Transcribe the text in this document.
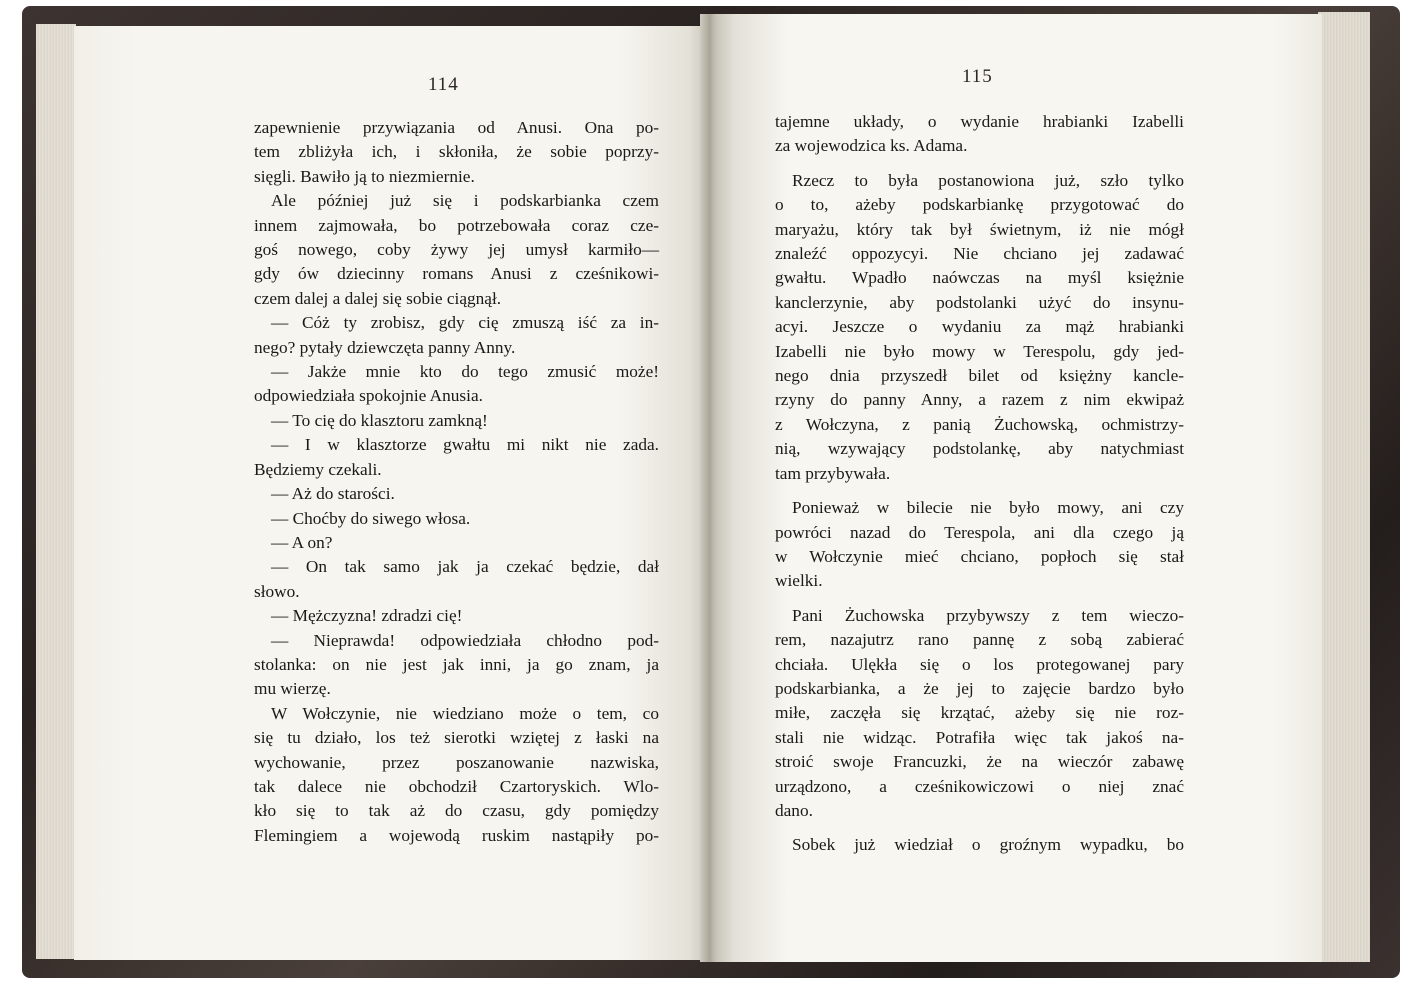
114
zapewnienie przywiązania od Anusi. Ona po-
tem zbliżyła ich, i skłoniła, że sobie poprzy-
sięgli. Bawiło ją to niezmiernie.
Ale później już się i podskarbianka czem
innem zajmowała, bo potrzebowała coraz cze-
goś nowego, coby żywy jej umysł karmiło—
gdy ów dziecinny romans Anusi z cześnikowi-
czem dalej a dalej się sobie ciągnął.
— Cóż ty zrobisz, gdy cię zmuszą iść za in-
nego? pytały dziewczęta panny Anny.
— Jakże mnie kto do tego zmusić może!
odpowiedziała spokojnie Anusia.
— To cię do klasztoru zamkną!
— I w klasztorze gwałtu mi nikt nie zada.
Będziemy czekali.
— Aż do starości.
— Choćby do siwego włosa.
— A on?
— On tak samo jak ja czekać będzie, dał
słowo.
— Mężczyzna! zdradzi cię!
— Nieprawda! odpowiedziała chłodno pod-
stolanka: on nie jest jak inni, ja go znam, ja
mu wierzę.
W Wołczynie, nie wiedziano może o tem, co
się tu działo, los też sierotki wziętej z łaski na
wychowanie, przez poszanowanie nazwiska,
tak dalece nie obchodził Czartoryskich. Wlo-
kło się to tak aż do czasu, gdy pomiędzy
Flemingiem a wojewodą ruskim nastąpiły po-
115
tajemne układy, o wydanie hrabianki Izabelli
za wojewodzica ks. Adama.
Rzecz to była postanowiona już, szło tylko
o to, ażeby podskarbiankę przygotować do
maryażu, który tak był świetnym, iż nie mógł
znaleźć oppozycyi. Nie chciano jej zadawać
gwałtu. Wpadło naówczas na myśl księżnie
kanclerzynie, aby podstolanki użyć do insynu-
acyi. Jeszcze o wydaniu za mąż hrabianki
Izabelli nie było mowy w Terespolu, gdy jed-
nego dnia przyszedł bilet od księżny kancle-
rzyny do panny Anny, a razem z nim ekwipaż
z Wołczyna, z panią Żuchowską, ochmistrzy-
nią, wzywający podstolankę, aby natychmiast
tam przybywała.
Ponieważ w bilecie nie było mowy, ani czy
powróci nazad do Terespola, ani dla czego ją
w Wołczynie mieć chciano, popłoch się stał
wielki.
Pani Żuchowska przybywszy z tem wieczo-
rem, nazajutrz rano pannę z sobą zabierać
chciała. Ulękła się o los protegowanej pary
podskarbianka, a że jej to zajęcie bardzo było
miłe, zaczęła się krzątać, ażeby się nie roz-
stali nie widząc. Potrafiła więc tak jakoś na-
stroić swoje Francuzki, że na wieczór zabawę
urządzono, a cześnikowiczowi o niej znać
dano.
Sobek już wiedział o groźnym wypadku, bo
